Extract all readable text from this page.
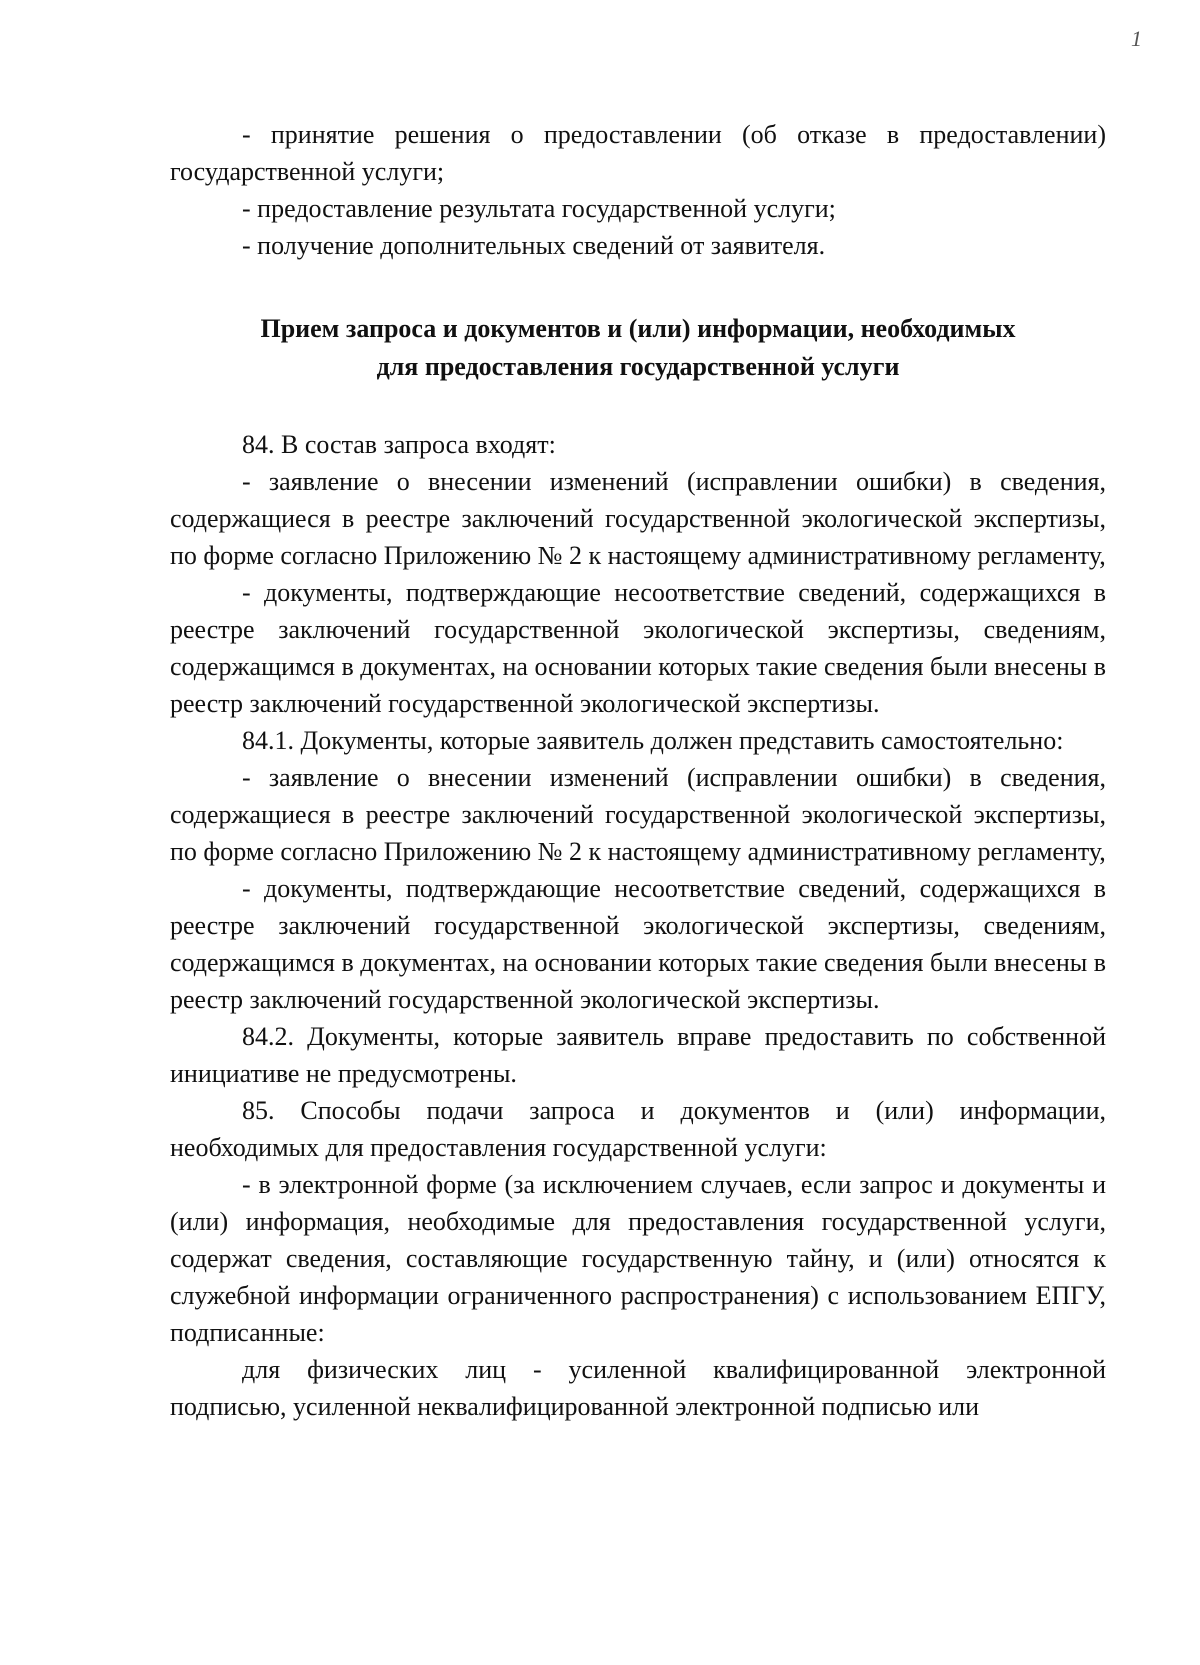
1

- принятие решения о предоставлении (об отказе в предоставлении) государственной услуги;

- предоставление результата государственной услуги;

- получение дополнительных сведений от заявителя.

Прием запроса и документов и (или) информации, необходимых
для предоставления государственной услуги

84. В состав запроса входят:

- заявление о внесении изменений (исправлении ошибки) в сведения, содержащиеся в реестре заключений государственной экологической экспертизы, по форме согласно Приложению № 2 к настоящему административному регламенту,

- документы, подтверждающие несоответствие сведений, содержащихся в реестре заключений государственной экологической экспертизы, сведениям, содержащимся в документах, на основании которых такие сведения были внесены в реестр заключений государственной экологической экспертизы.

84.1. Документы, которые заявитель должен представить самостоятельно:

- заявление о внесении изменений (исправлении ошибки) в сведения, содержащиеся в реестре заключений государственной экологической экспертизы, по форме согласно Приложению № 2 к настоящему административному регламенту,

- документы, подтверждающие несоответствие сведений, содержащихся в реестре заключений государственной экологической экспертизы, сведениям, содержащимся в документах, на основании которых такие сведения были внесены в реестр заключений государственной экологической экспертизы.

84.2. Документы, которые заявитель вправе предоставить по собственной инициативе не предусмотрены.

85. Способы подачи запроса и документов и (или) информации, необходимых для предоставления государственной услуги:

- в электронной форме (за исключением случаев, если запрос и документы и (или) информация, необходимые для предоставления государственной услуги, содержат сведения, составляющие государственную тайну, и (или) относятся к служебной информации ограниченного распространения) с использованием ЕПГУ, подписанные:

для физических лиц - усиленной квалифицированной электронной подписью, усиленной неквалифицированной электронной подписью или
